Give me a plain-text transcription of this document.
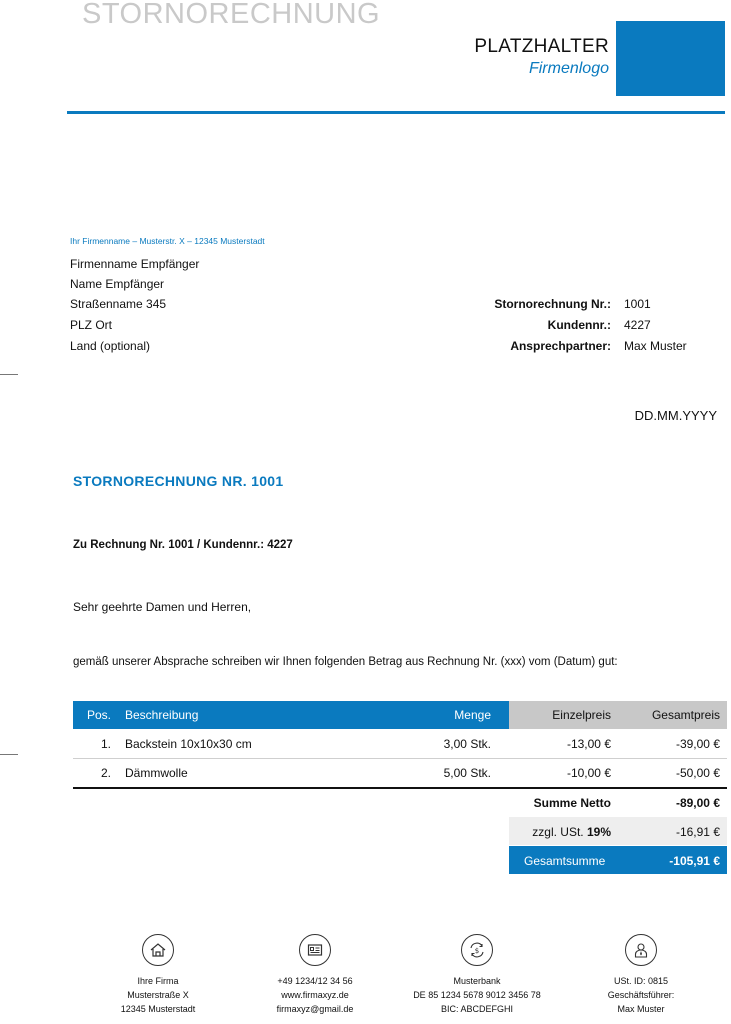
STORNORECHNUNG
PLATZHALTER
Firmenlogo
Ihr Firmenname – Musterstr. X – 12345 Musterstadt
Firmenname Empfänger
Name Empfänger
Straßenname 345
PLZ Ort
Land (optional)
Stornorechnung Nr.: 1001
Kundennr.: 4227
Ansprechpartner: Max Muster
DD.MM.YYYY
STORNORECHNUNG NR. 1001
Zu Rechnung Nr. 1001 / Kundennr.: 4227
Sehr geehrte Damen und Herren,
gemäß unserer Absprache schreiben wir Ihnen folgenden Betrag aus Rechnung Nr. (xxx) vom (Datum) gut:
Pos. Beschreibung	Menge	Einzelpreis	Gesamtpreis
1. Backstein 10x10x30 cm	3,00 Stk.	-13,00 €	-39,00 €
2. Dämmwolle	5,00 Stk.	-10,00 €	-50,00 €
Summe Netto	-89,00 €
zzgl. USt. 19%	-16,91 €
Gesamtsumme	-105,91 €
Ihre Firma
Musterstraße X
12345 Musterstadt
+49 1234/12 34 56
www.firmaxyz.de
firmaxyz@gmail.de
$
Musterbank
DE 85 1234 5678 9012 3456 78
BIC: ABCDEFGHI
USt. ID: 0815
Geschäftsführer:
Max Muster
